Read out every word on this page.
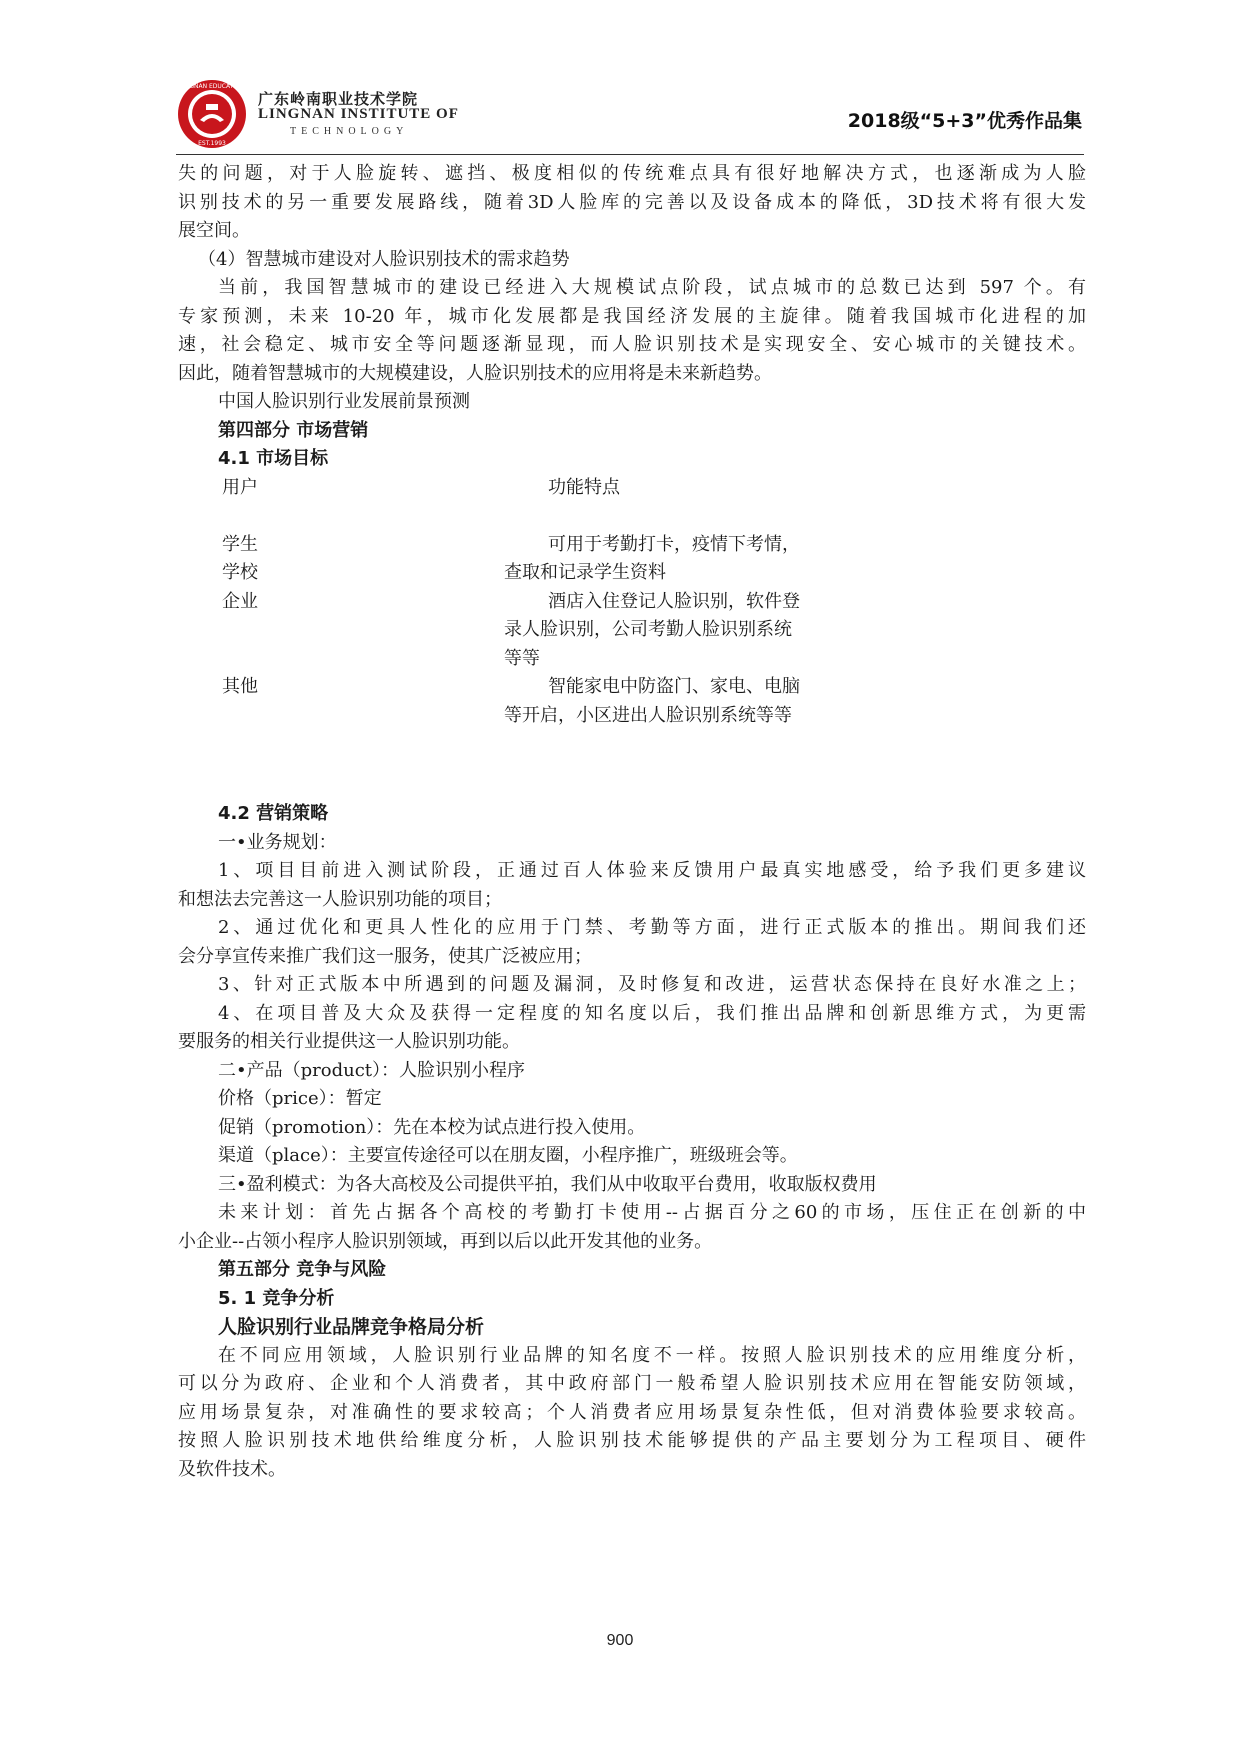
LINGNAN EDUCATION
EST.1993
广东岭南职业技术学院
LINGNAN INSTITUTE OF
TECHNOLOGY	2018级“5+3”优秀作品集
失的问题，对于人脸旋转、遮挡、极度相似的传统难点具有很好地解决方式，也逐渐成为人脸
识别技术的另一重要发展路线，随着3D人脸库的完善以及设备成本的降低，3D技术将有很大发
展空间。
（4）智慧城市建设对人脸识别技术的需求趋势
当前，我国智慧城市的建设已经进入大规模试点阶段，试点城市的总数已达到 597 个。有
专家预测，未来 10-20 年，城市化发展都是我国经济发展的主旋律。随着我国城市化进程的加
速，社会稳定、城市安全等问题逐渐显现，而人脸识别技术是实现安全、安心城市的关键技术。
因此，随着智慧城市的大规模建设，人脸识别技术的应用将是未来新趋势。
中国人脸识别行业发展前景预测
第四部分 市场营销
4.1 市场目标
用户	功能特点
学生	可用于考勤打卡，疫情下考情，
学校	查取和记录学生资料
企业	酒店入住登记人脸识别，软件登
录人脸识别，公司考勤人脸识别系统
等等
其他	智能家电中防盗门、家电、电脑
等开启，小区进出人脸识别系统等等
4.2 营销策略
一•业务规划：
1、项目目前进入测试阶段，正通过百人体验来反馈用户最真实地感受，给予我们更多建议
和想法去完善这一人脸识别功能的项目；
2、通过优化和更具人性化的应用于门禁、考勤等方面，进行正式版本的推出。期间我们还
会分享宣传来推广我们这一服务，使其广泛被应用；
3、针对正式版本中所遇到的问题及漏洞，及时修复和改进，运营状态保持在良好水准之上；
4、在项目普及大众及获得一定程度的知名度以后，我们推出品牌和创新思维方式，为更需
要服务的相关行业提供这一人脸识别功能。
二•产品（product）：人脸识别小程序
价格（price）：暂定
促销（promotion）：先在本校为试点进行投入使用。
渠道（place）：主要宣传途径可以在朋友圈，小程序推广，班级班会等。
三•盈利模式：为各大高校及公司提供平拍，我们从中收取平台费用，收取版权费用
未来计划：首先占据各个高校的考勤打卡使用--占据百分之60的市场，压住正在创新的中
小企业--占领小程序人脸识别领域，再到以后以此开发其他的业务。
第五部分 竞争与风险
5. 1 竞争分析
人脸识别行业品牌竞争格局分析
在不同应用领域，人脸识别行业品牌的知名度不一样。按照人脸识别技术的应用维度分析，
可以分为政府、企业和个人消费者，其中政府部门一般希望人脸识别技术应用在智能安防领域，
应用场景复杂，对准确性的要求较高；个人消费者应用场景复杂性低，但对消费体验要求较高。
按照人脸识别技术地供给维度分析，人脸识别技术能够提供的产品主要划分为工程项目、硬件
及软件技术。
900
